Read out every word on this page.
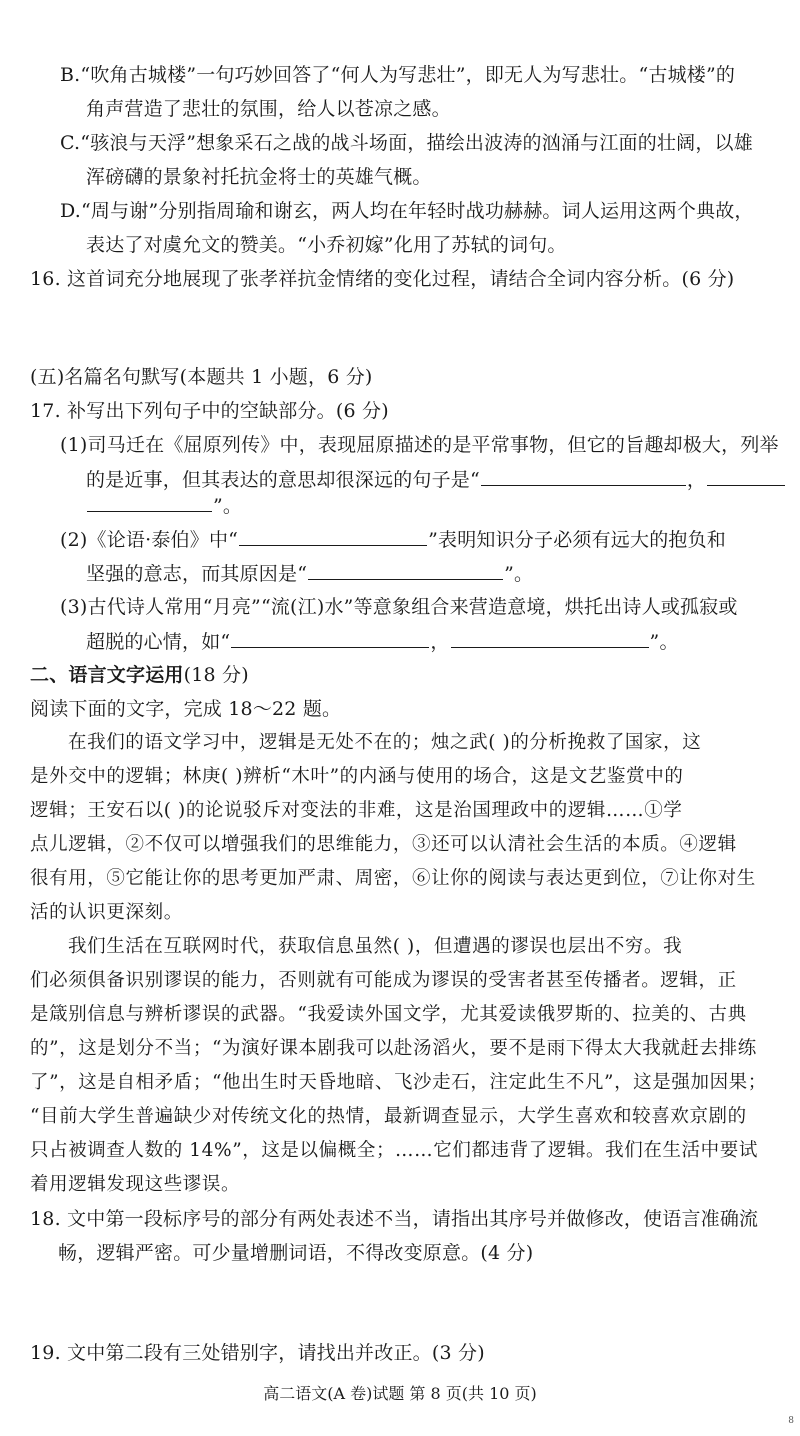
B.“吹角古城楼”一句巧妙回答了“何人为写悲壮”，即无人为写悲壮。“古城楼”的
角声营造了悲壮的氛围，给人以苍凉之感。
C.“骇浪与天浮”想象采石之战的战斗场面，描绘出波涛的汹涌与江面的壮阔，以雄
浑磅礴的景象衬托抗金将士的英雄气概。
D.“周与谢”分别指周瑜和谢玄，两人均在年轻时战功赫赫。词人运用这两个典故，
表达了对虞允文的赞美。“小乔初嫁”化用了苏轼的词句。
16. 这首词充分地展现了张孝祥抗金情绪的变化过程，请结合全词内容分析。(6 分)
(五)名篇名句默写(本题共 1 小题，6 分)
17. 补写出下列句子中的空缺部分。(6 分)
(1)司马迁在《屈原列传》中，表现屈原描述的是平常事物，但它的旨趣却极大，列举
的是近事，但其表达的意思却很深远的句子是“	，
”。
(2)《论语·泰伯》中“	”表明知识分子必须有远大的抱负和
坚强的意志，而其原因是“	”。
(3)古代诗人常用“月亮”“流(江)水”等意象组合来营造意境，烘托出诗人或孤寂或
超脱的心情，如“	，	”。
二、语言文字运用(18 分)
阅读下面的文字，完成 18～22 题。
在我们的语文学习中，逻辑是无处不在的；烛之武( )的分析挽救了国家，这
是外交中的逻辑；林庚( )辨析“木叶”的内涵与使用的场合，这是文艺鉴赏中的
逻辑；王安石以( )的论说驳斥对变法的非难，这是治国理政中的逻辑……①学
点儿逻辑，②不仅可以增强我们的思维能力，③还可以认清社会生活的本质。④逻辑
很有用，⑤它能让你的思考更加严肃、周密，⑥让你的阅读与表达更到位，⑦让你对生
活的认识更深刻。
我们生活在互联网时代，获取信息虽然( )，但遭遇的谬误也层出不穷。我
们必须俱备识别谬误的能力，否则就有可能成为谬误的受害者甚至传播者。逻辑，正
是箴别信息与辨析谬误的武器。“我爱读外国文学，尤其爱读俄罗斯的、拉美的、古典
的”，这是划分不当；“为演好课本剧我可以赴汤滔火，要不是雨下得太大我就赶去排练
了”，这是自相矛盾；“他出生时天昏地暗、飞沙走石，注定此生不凡”，这是强加因果；
“目前大学生普遍缺少对传统文化的热情，最新调查显示，大学生喜欢和较喜欢京剧的
只占被调查人数的 14%”，这是以偏概全；……它们都违背了逻辑。我们在生活中要试
着用逻辑发现这些谬误。
18. 文中第一段标序号的部分有两处表述不当，请指出其序号并做修改，使语言准确流
畅，逻辑严密。可少量增删词语，不得改变原意。(4 分)
19. 文中第二段有三处错别字，请找出并改正。(3 分)
高二语文(A 卷)试题 第 8 页(共 10 页)
8
